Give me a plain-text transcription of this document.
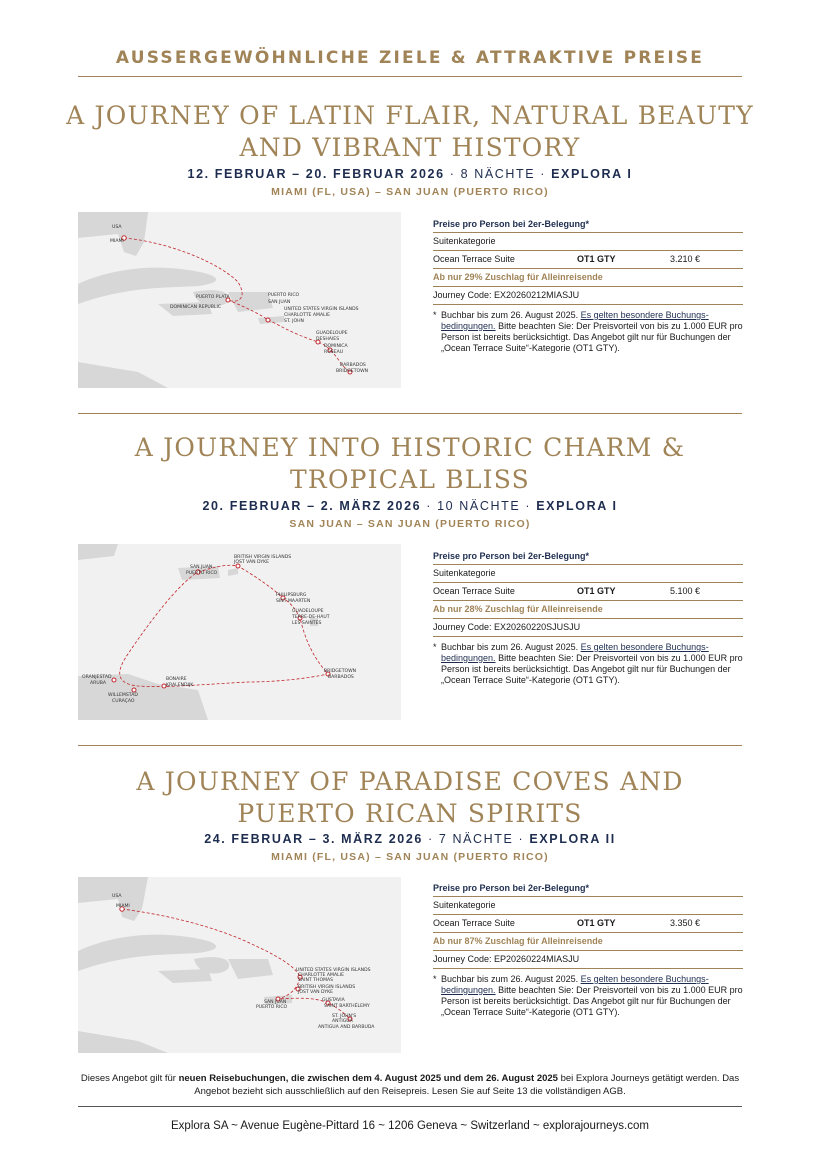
AUSSERGEWÖHNLICHE ZIELE & ATTRAKTIVE PREISE
A JOURNEY OF LATIN FLAIR, NATURAL BEAUTY
AND VIBRANT HISTORY
12. FEBRUAR – 20. FEBRUAR 2026 · 8 NÄCHTE · EXPLORA I
MIAMI (FL, USA) – SAN JUAN (PUERTO RICO)
USA
MIAMI
PUERTO PLATA
DOMINICAN REPUBLIC
PUERTO RICO
SAN JUAN
UNITED STATES VIRGIN ISLANDS
CHARLOTTE AMALIE
ST. JOHN
GUADELOUPE
DESHAIES
DOMINICA
ROSEAU
BARBADOS
BRIDGETOWN
Preise pro Person bei 2er-Belegung*
Suitenkategorie
Ocean Terrace Suite	OT1 GTY	3.210 €
Ab nur 29% Zuschlag für Alleinreisende
Journey Code: EX20260212MIASJU
* Buchbar bis zum 26. August 2025. Es gelten besondere Buchungsbedingungen. Bitte beachten Sie: Der Preisvorteil von bis zu 1.000 EUR pro Person ist bereits berücksichtigt. Das Angebot gilt nur für Buchungen der „Ocean Terrace Suite“-Kategorie (OT1 GTY).
A JOURNEY INTO HISTORIC CHARM &
TROPICAL BLISS
20. FEBRUAR – 2. MÄRZ 2026 · 10 NÄCHTE · EXPLORA I
SAN JUAN – SAN JUAN (PUERTO RICO)
BRITISH VIRGIN ISLANDS
JOST VAN DYKE
SAN JUAN
PUERTO RICO
PHILIPSBURG
SINT MAARTEN
GUADELOUPE
TERRE-DE-HAUT
LES SAINTES
BRIDGETOWN
BARBADOS
BONAIRE
KRALENDIJK
ORANJESTAD
ARUBA
WILLEMSTAD
CURAÇAO
Preise pro Person bei 2er-Belegung*
Suitenkategorie
Ocean Terrace Suite	OT1 GTY	5.100 €
Ab nur 28% Zuschlag für Alleinreisende
Journey Code: EX20260220SJUSJU
* Buchbar bis zum 26. August 2025. Es gelten besondere Buchungsbedingungen. Bitte beachten Sie: Der Preisvorteil von bis zu 1.000 EUR pro Person ist bereits berücksichtigt. Das Angebot gilt nur für Buchungen der „Ocean Terrace Suite“-Kategorie (OT1 GTY).
A JOURNEY OF PARADISE COVES AND
PUERTO RICAN SPIRITS
24. FEBRUAR – 3. MÄRZ 2026 · 7 NÄCHTE · EXPLORA II
MIAMI (FL, USA) – SAN JUAN (PUERTO RICO)
USA
MIAMI
UNITED STATES VIRGIN ISLANDS
CHARLOTTE AMALIE
SAINT THOMAS
BRITISH VIRGIN ISLANDS
JOST VAN DYKE
SAN JUAN
PUERTO RICO
GUSTAVIA
SAINT BARTHÉLEMY
ST. JOHN'S
ANTIGUA
ANTIGUA AND BARBUDA
Preise pro Person bei 2er-Belegung*
Suitenkategorie
Ocean Terrace Suite	OT1 GTY	3.350 €
Ab nur 87% Zuschlag für Alleinreisende
Journey Code: EP20260224MIASJU
* Buchbar bis zum 26. August 2025. Es gelten besondere Buchungsbedingungen. Bitte beachten Sie: Der Preisvorteil von bis zu 1.000 EUR pro Person ist bereits berücksichtigt. Das Angebot gilt nur für Buchungen der „Ocean Terrace Suite“-Kategorie (OT1 GTY).
Dieses Angebot gilt für neuen Reisebuchungen, die zwischen dem 4. August 2025 und dem 26. August 2025 bei Explora Journeys getätigt werden. Das Angebot bezieht sich ausschließlich auf den Reisepreis. Lesen Sie auf Seite 13 die vollständigen AGB.
Explora SA ~ Avenue Eugène-Pittard 16 ~ 1206 Geneva ~ Switzerland ~ explorajourneys.com
